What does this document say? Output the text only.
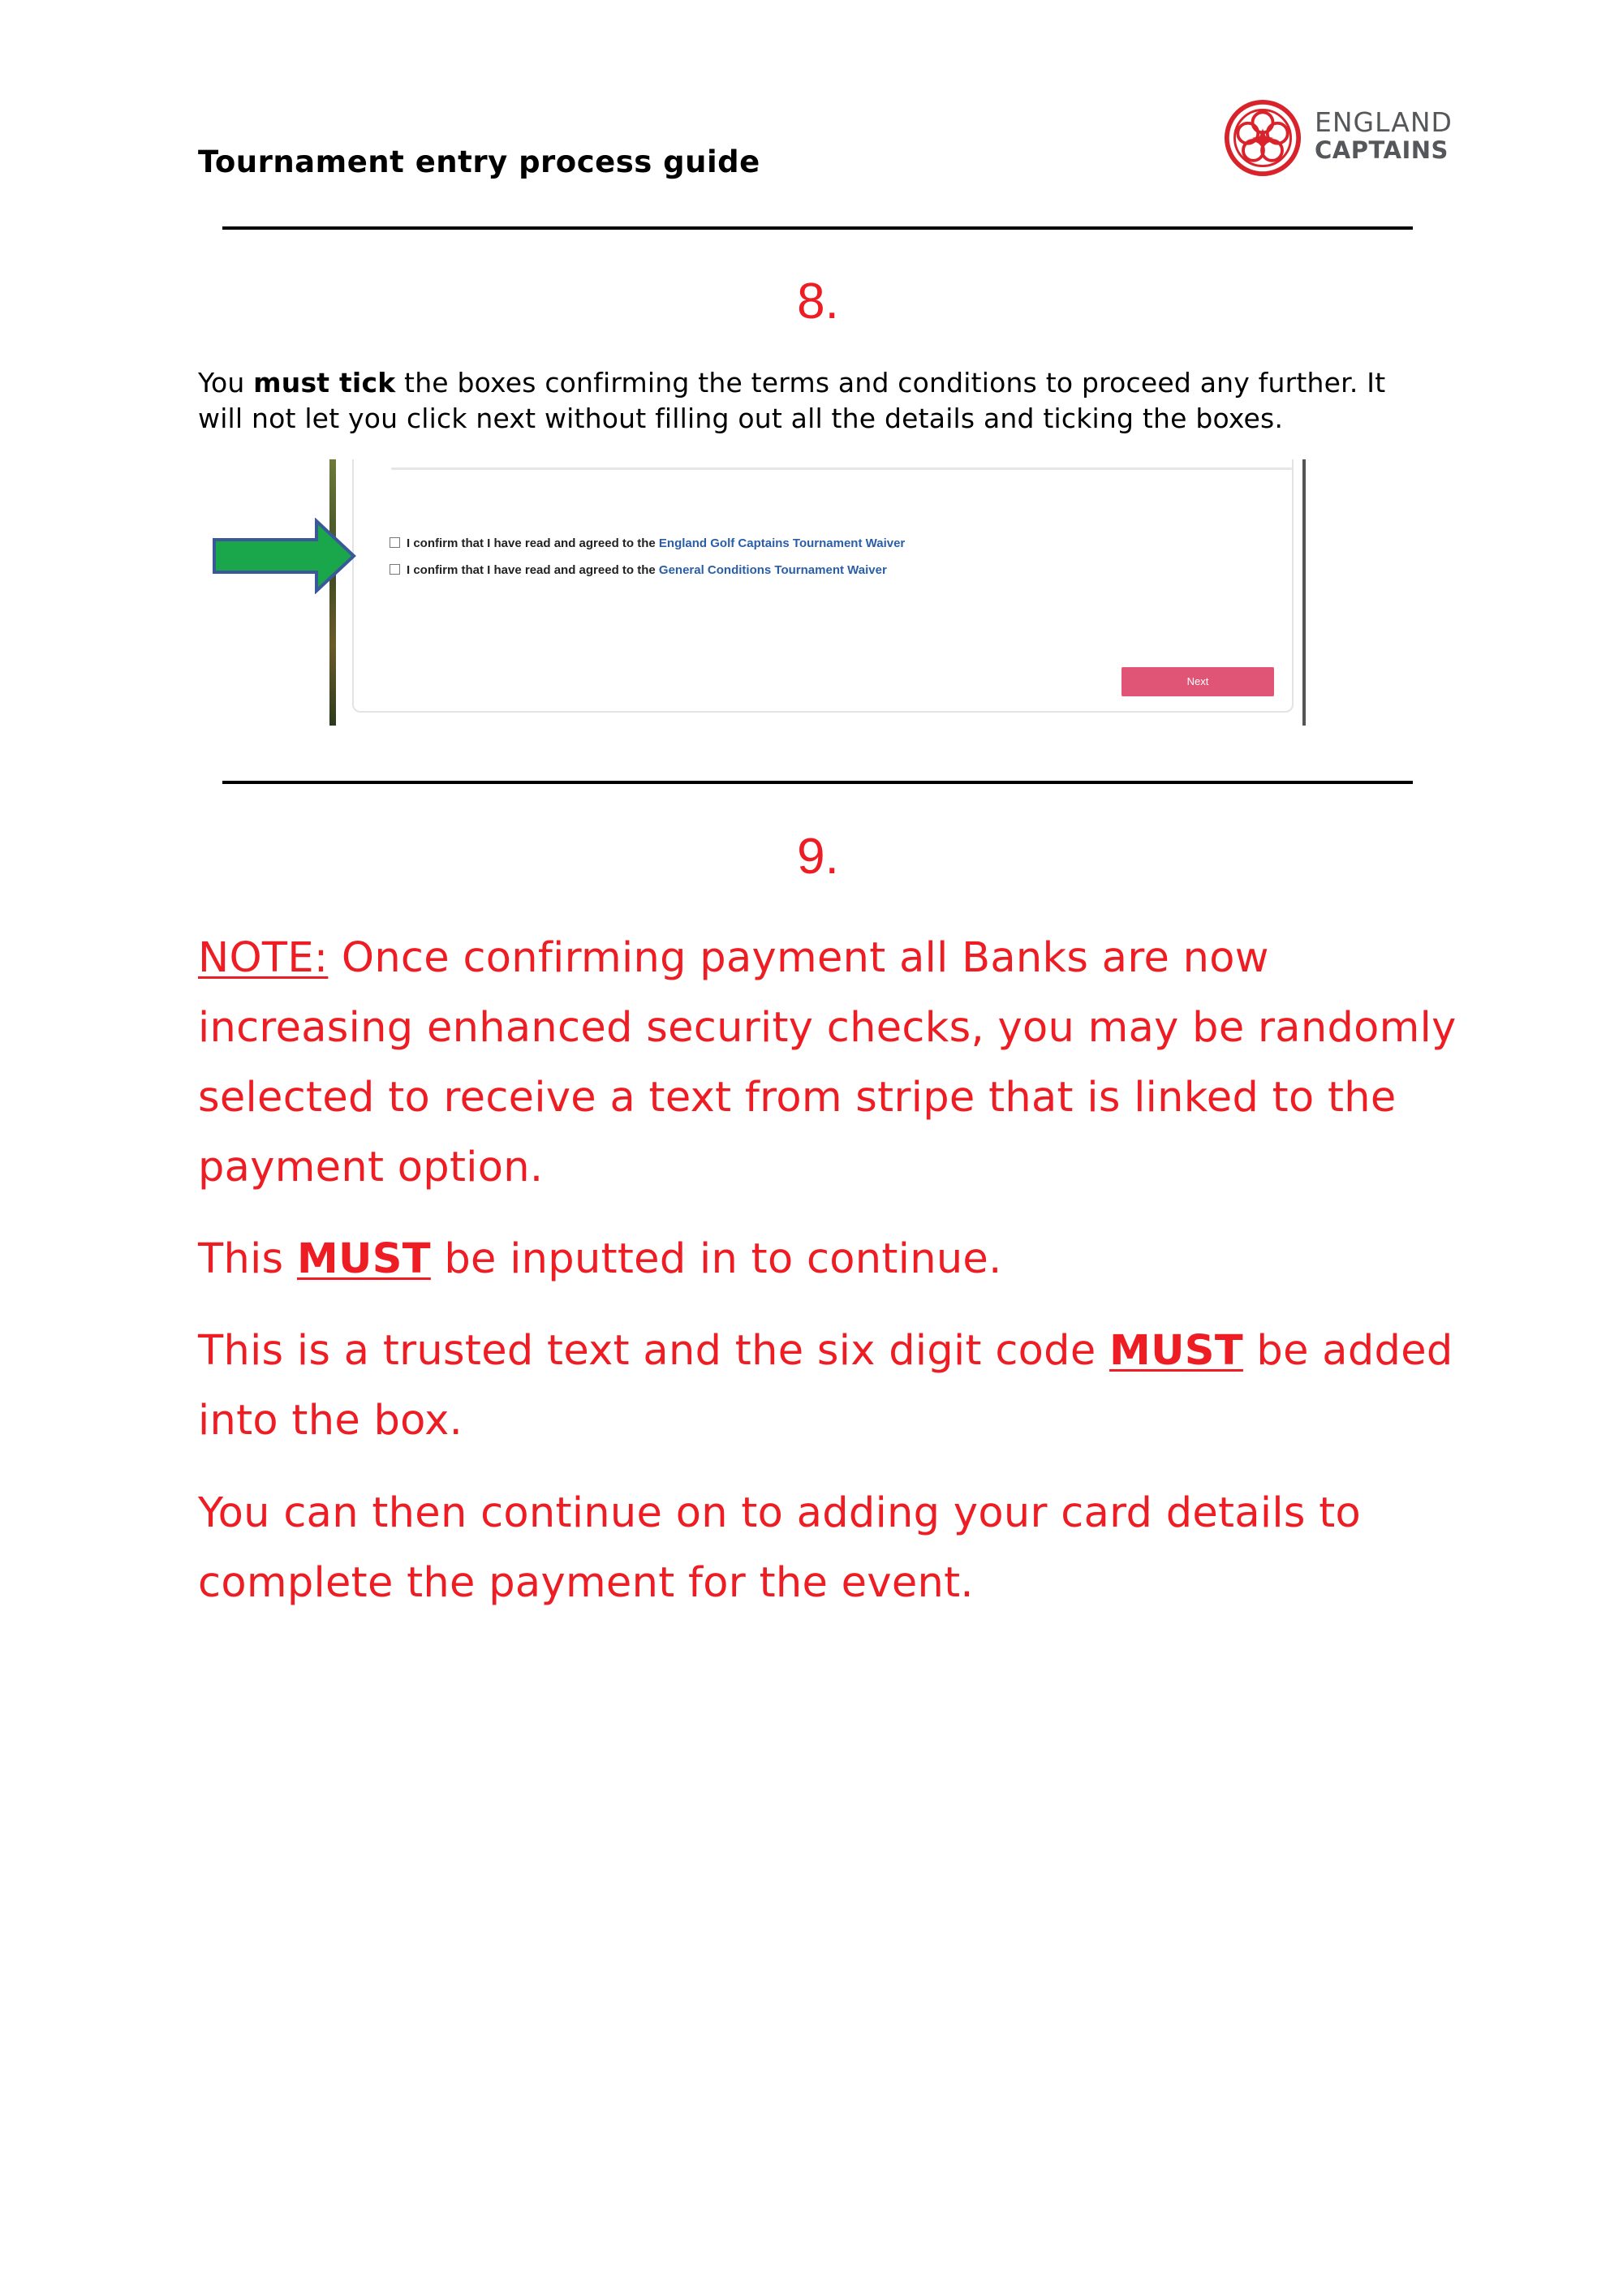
Tournament entry process guide
ENGLAND
CAPTAINS
8.
You must tick the boxes confirming the terms and conditions to proceed any further. It will not let you click next without filling out all the details and ticking the boxes.
I confirm that I have read and agreed to the England Golf Captains Tournament Waiver
I confirm that I have read and agreed to the General Conditions Tournament Waiver
Next
9.
NOTE: Once confirming payment all Banks are now increasing enhanced security checks, you may be randomly selected to receive a text from stripe that is linked to the payment option.
This MUST be inputted in to continue.
This is a trusted text and the six digit code MUST be added into the box.
You can then continue on to adding your card details to complete the payment for the event.
